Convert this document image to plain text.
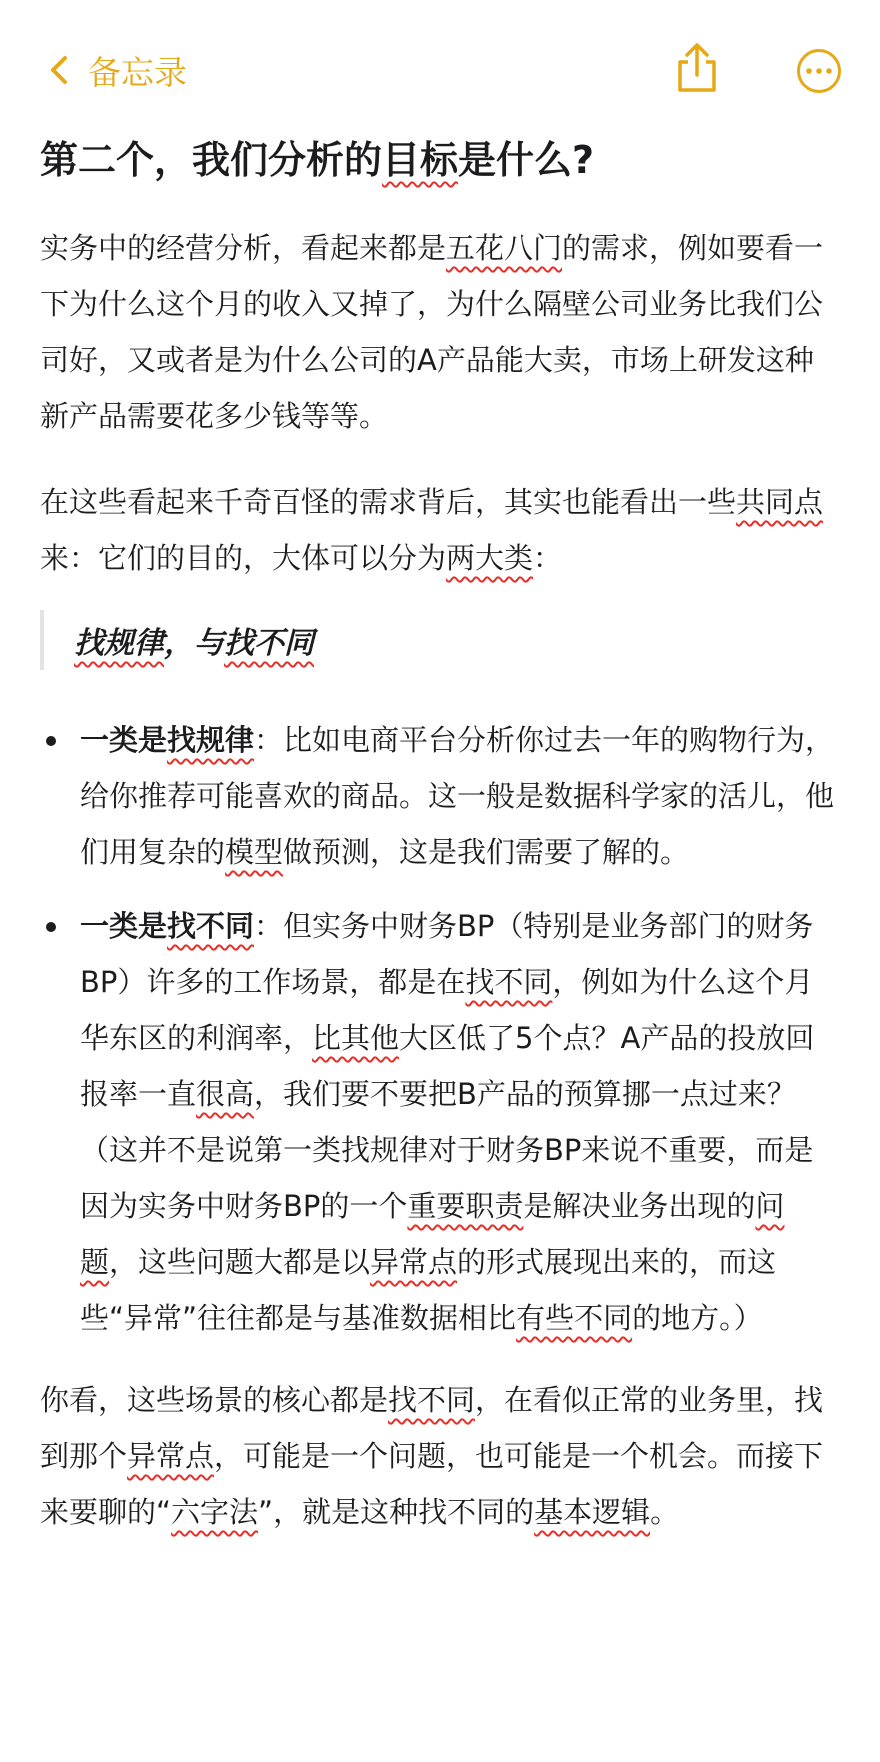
备忘录
第二个，我们分析的目标是什么?

实务中的经营分析，看起来都是五花八门的需求，例如要看一下为什么这个月的收入又掉了，为什么隔壁公司业务比我们公司好，又或者是为什么公司的A产品能大卖，市场上研发这种新产品需要花多少钱等等。

在这些看起来千奇百怪的需求背后，其实也能看出一些共同点来：它们的目的，大体可以分为两大类：

找规律 ，与 找不同
一类是找规律：比如电商平台分析你过去一年的购物行为，给你推荐可能喜欢的商品。这一般是数据科学家的活儿，他们用复杂的模型做预测，这是我们需要了解的。
一类是找不同：但实务中财务BP（特别是业务部门的财务BP）许多的工作场景，都是在找不同，例如为什么这个月华东区的利润率，比其他大区低了5个点？A产品的投放回报率一直很高，我们要不要把B产品的预算挪一点过来？（这并不是说第一类找规律对于财务BP来说不重要，而是因为实务中财务BP的一个重要职责是解决业务出现的问题，这些问题大都是以异常点的形式展现出来的，而这些“异常”往往都是与基准数据相比有些不同的地方。）

你看，这些场景的核心都是找不同，在看似正常的业务里，找到那个异常点，可能是一个问题，也可能是一个机会。而接下来要聊的“六字法”，就是这种找不同的基本逻辑。
